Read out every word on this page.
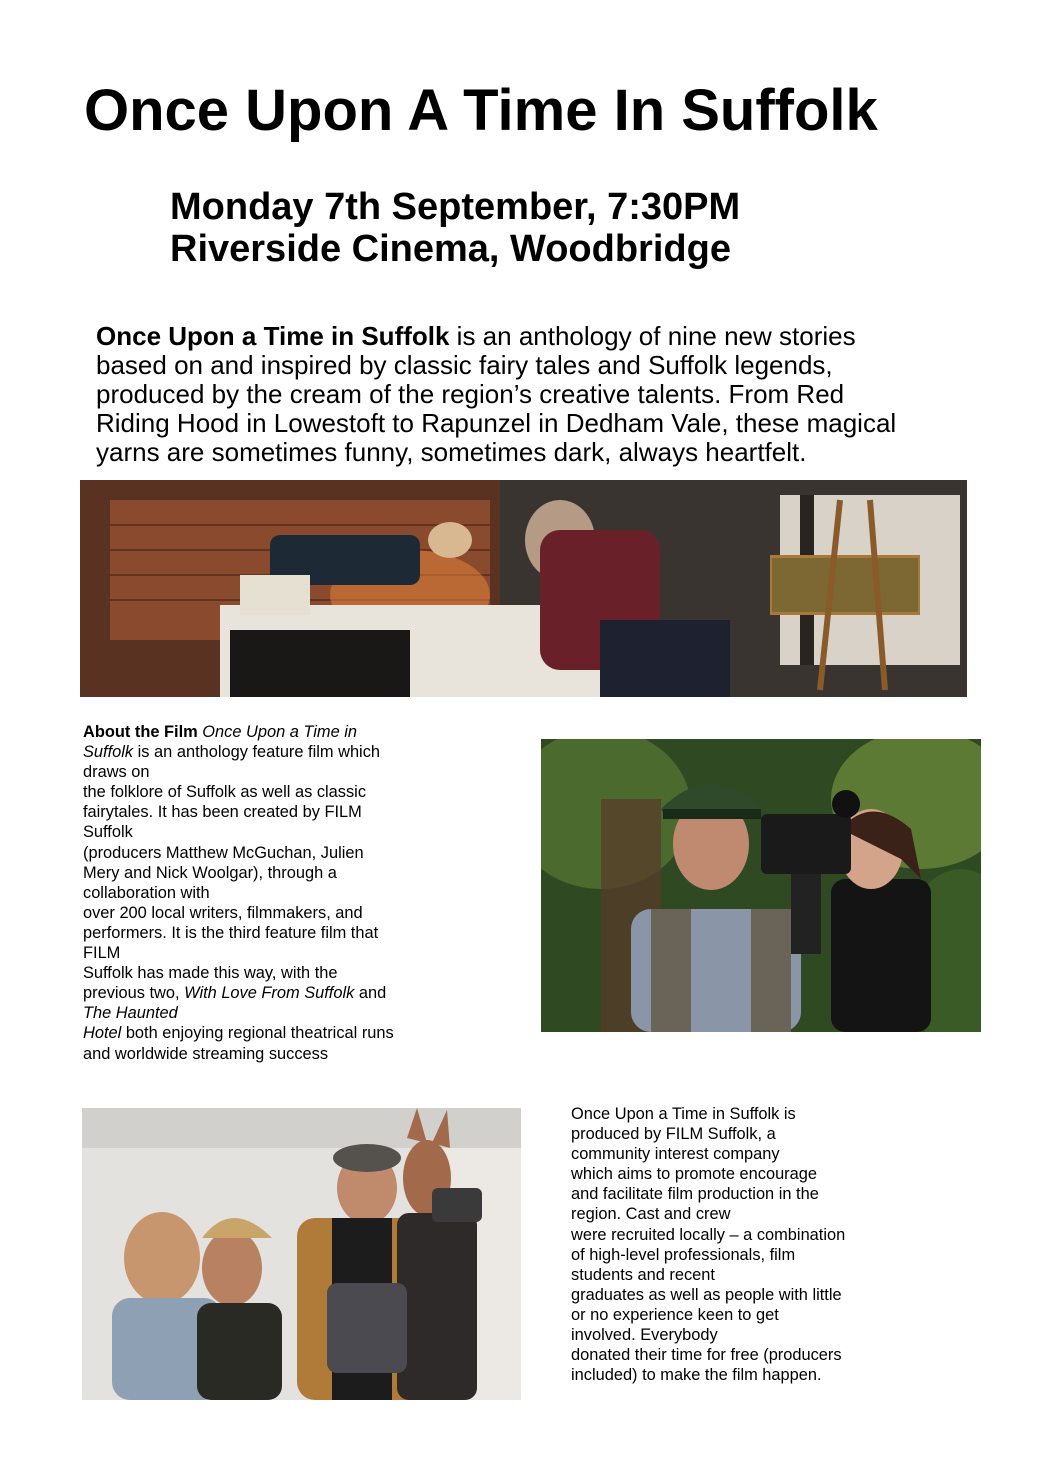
Once Upon A Time In Suffolk
Monday 7th September, 7:30PM
Riverside Cinema, Woodbridge

Once Upon a Time in Suffolk is an anthology of nine new stories
based on and inspired by classic fairy tales and Suffolk legends,
produced by the cream of the region’s creative talents. From Red
Riding Hood in Lowestoft to Rapunzel in Dedham Vale, these magical
yarns are sometimes funny, sometimes dark, always heartfelt.

About the Film Once Upon a Time in
Suffolk is an anthology feature film which
draws on
the folklore of Suffolk as well as classic
fairytales. It has been created by FILM
Suffolk
(producers Matthew McGuchan, Julien
Mery and Nick Woolgar), through a
collaboration with
over 200 local writers, filmmakers, and
performers. It is the third feature film that
FILM
Suffolk has made this way, with the
previous two, With Love From Suffolk and
The Haunted
Hotel both enjoying regional theatrical runs
and worldwide streaming success
Once Upon a Time in Suffolk is
produced by FILM Suffolk, a
community interest company
which aims to promote encourage
and facilitate film production in the
region. Cast and crew
were recruited locally – a combination
of high-level professionals, film
students and recent
graduates as well as people with little
or no experience keen to get
involved. Everybody
donated their time for free (producers
included) to make the film happen.
